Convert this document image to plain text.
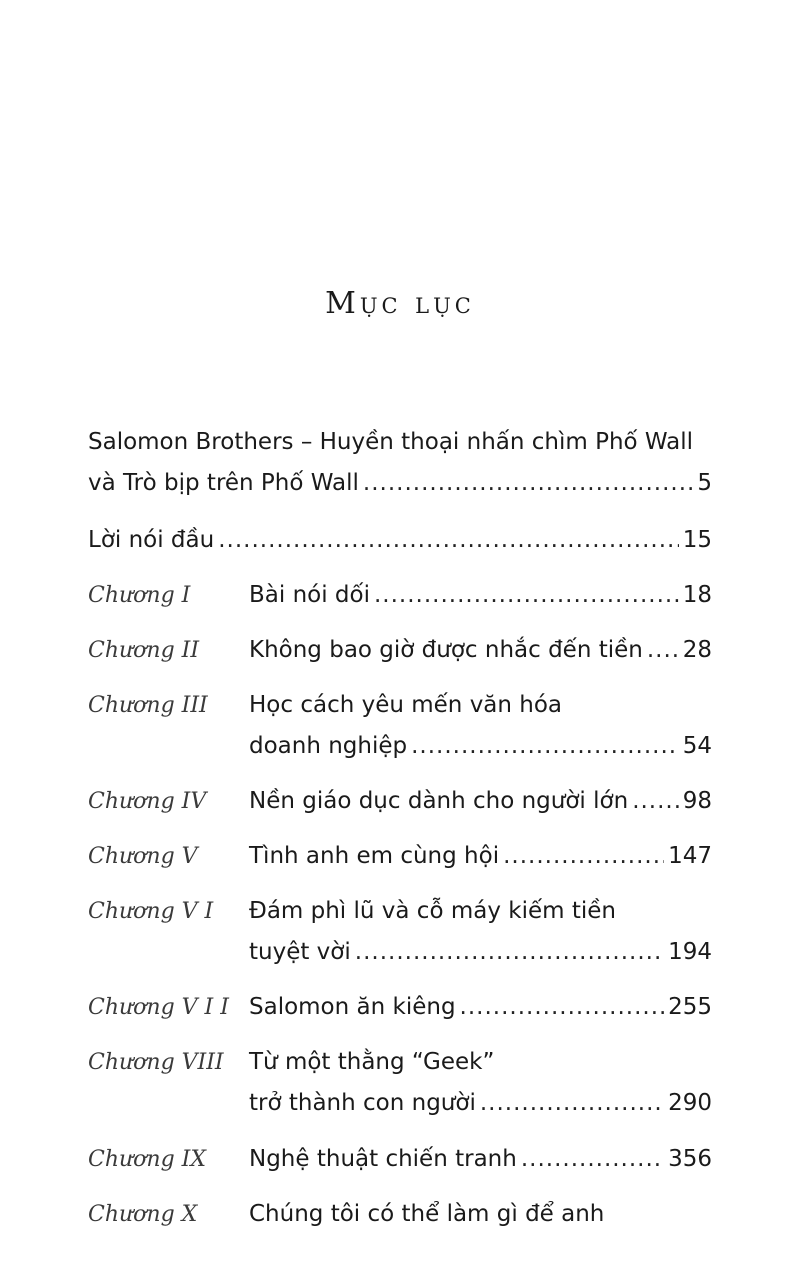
Mục lục
Salomon Brothers – Huyền thoại nhấn chìm Phố Wall
và Trò bịp trên Phố Wall .....	5
Lời nói đầu .....	15
Chương I	Bài nói dối .....	18
Chương II	Không bao giờ được nhắc đến tiền ..... 28
Chương III	Học cách yêu mến văn hóa
doanh nghiệp .....	54
Chương IV	Nền giáo dục dành cho người lớn ..... 98
Chương V	Tình anh em cùng hội .....	147
Chương V I	Đám phì lũ và cỗ máy kiếm tiền
tuyệt vời .....	194
Chương V I I Salomon ăn kiêng .....	255
Chương VIII	Từ một thằng “Geek”
trở thành con người .....	290
Chương IX	Nghệ thuật chiến tranh .....	356
Chương X	Chúng tôi có thể làm gì để anh
